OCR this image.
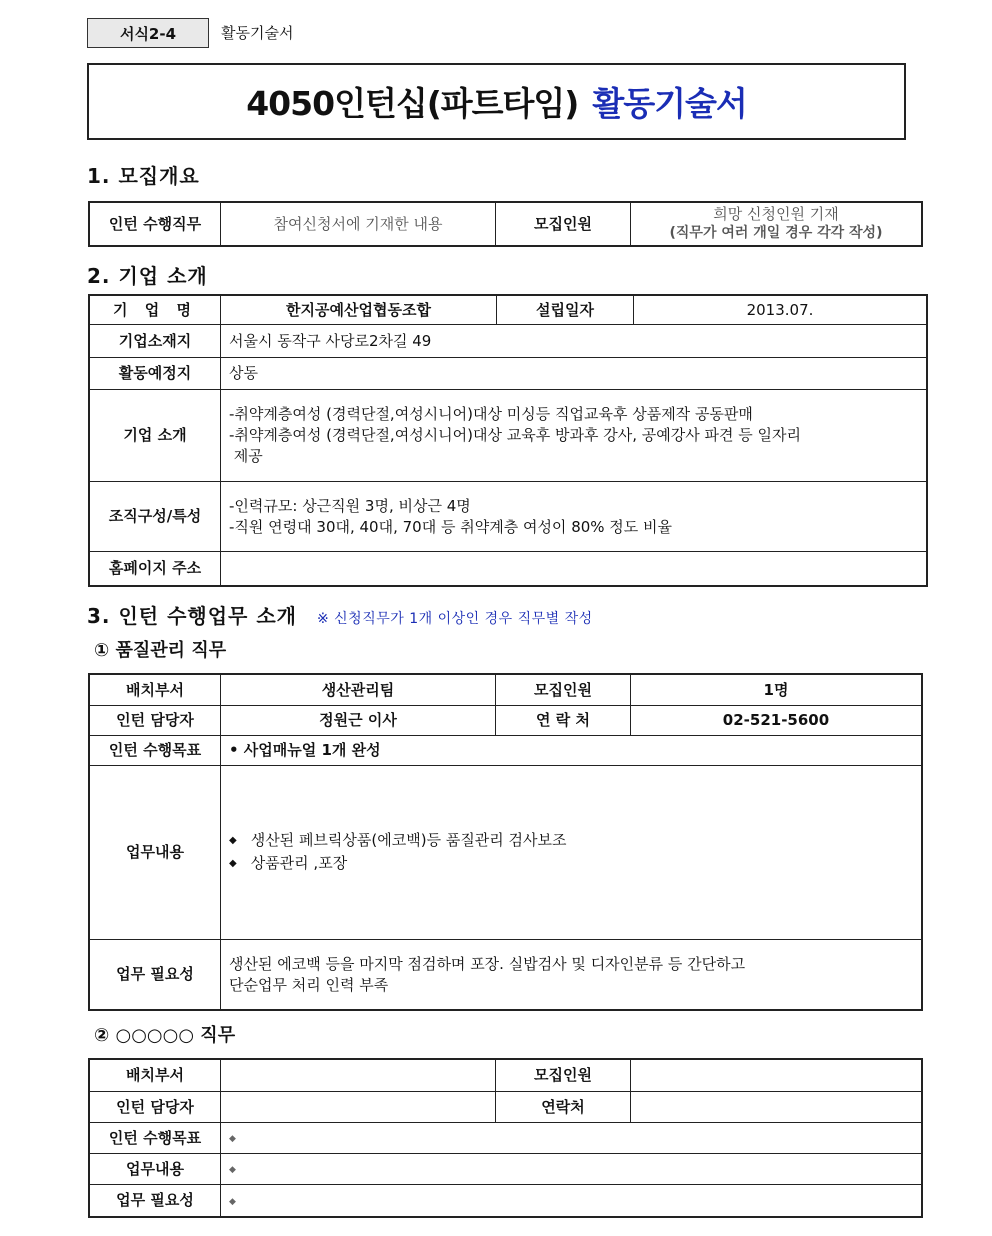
서식2-4	활동기술서
4050인턴십(파트타임) 활동기술서
1. 모집개요
인턴 수행직무	참여신청서에 기재한 내용	모집인원	
희망 신청인원 기재
(직무가 여러 개일 경우 각각 작성)
2. 기업 소개
기 업 명	한지공예산업협동조합	설립일자	2013.07.
기업소재지	서울시 동작구 사당로2차길 49		
활동예정지	상동		
기업 소개	-취약계층여성 (경력단절,여성시니어)대상 미싱등 직업교육후 상품제작 공동판매
-취약계층여성 (경력단절,여성시니어)대상 교육후 방과후 강사, 공예강사 파견 등 일자리
제공		

조직구성/특성	-인력규모: 상근직원 3명, 비상근 4명
-직원 연령대 30대, 40대, 70대 등 취약계층 여성이 80% 정도 비율		

홈페이지 주소			
3. 인턴 수행업무 소개 ※ 신청직무가 1개 이상인 경우 직무별 작성
① 품질관리 직무
배치부서	생산관리팀	모집인원	1명
인턴 담당자	정원근 이사	연 락 처	02-521-5600
인턴 수행목표	• 사업매뉴얼 1개 완성		
업무내용	◆ 생산된 페브릭상품(에코백)등 품질관리 검사보조
◆ 상품관리 ,포장

업무 필요성	생산된 에코백 등을 마지막 점검하며 포장. 실밥검사 및 디자인분류 등 간단하고
단순업무 처리 인력 부족		
② ○○○○○ 직무
배치부서		모집인원	
인턴 담당자		연락처	
인턴 수행목표	◆		
업무내용	◆		
업무 필요성	◆		
